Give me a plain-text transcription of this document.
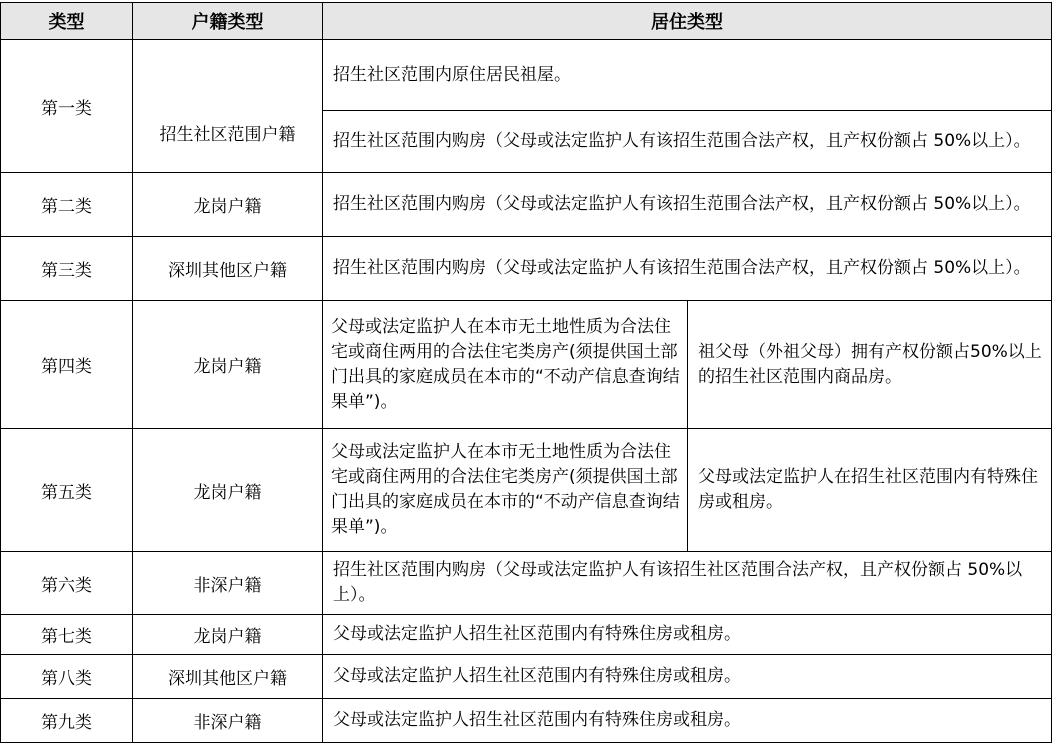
类型	户籍类型	居住类型	
第一类	招生社区范围户籍	招生社区范围内原住居民祖屋。	
		招生社区范围内购房（父母或法定监护人有该招生范围合法产权，且产权份额占 50%以上）。	
第二类	龙岗户籍	招生社区范围内购房（父母或法定监护人有该招生范围合法产权，且产权份额占 50%以上）。	
第三类	深圳其他区户籍	招生社区范围内购房（父母或法定监护人有该招生范围合法产权，且产权份额占 50%以上）。	
第四类	龙岗户籍	父母或法定监护人在本市无土地性质为合法住宅或商住两用的合法住宅类房产(须提供国土部门出具的家庭成员在本市的“不动产信息查询结果单”)。	祖父母（外祖父母）拥有产权份额占50%以上的招生社区范围内商品房。
第五类	龙岗户籍	父母或法定监护人在本市无土地性质为合法住宅或商住两用的合法住宅类房产(须提供国土部门出具的家庭成员在本市的“不动产信息查询结果单”)。	父母或法定监护人在招生社区范围内有特殊住房或租房。
第六类	非深户籍	招生社区范围内购房（父母或法定监护人有该招生社区范围合法产权，且产权份额占 50%以上）。	
第七类	龙岗户籍	父母或法定监护人招生社区范围内有特殊住房或租房。	
第八类	深圳其他区户籍	父母或法定监护人招生社区范围内有特殊住房或租房。	
第九类	非深户籍	父母或法定监护人招生社区范围内有特殊住房或租房。	
